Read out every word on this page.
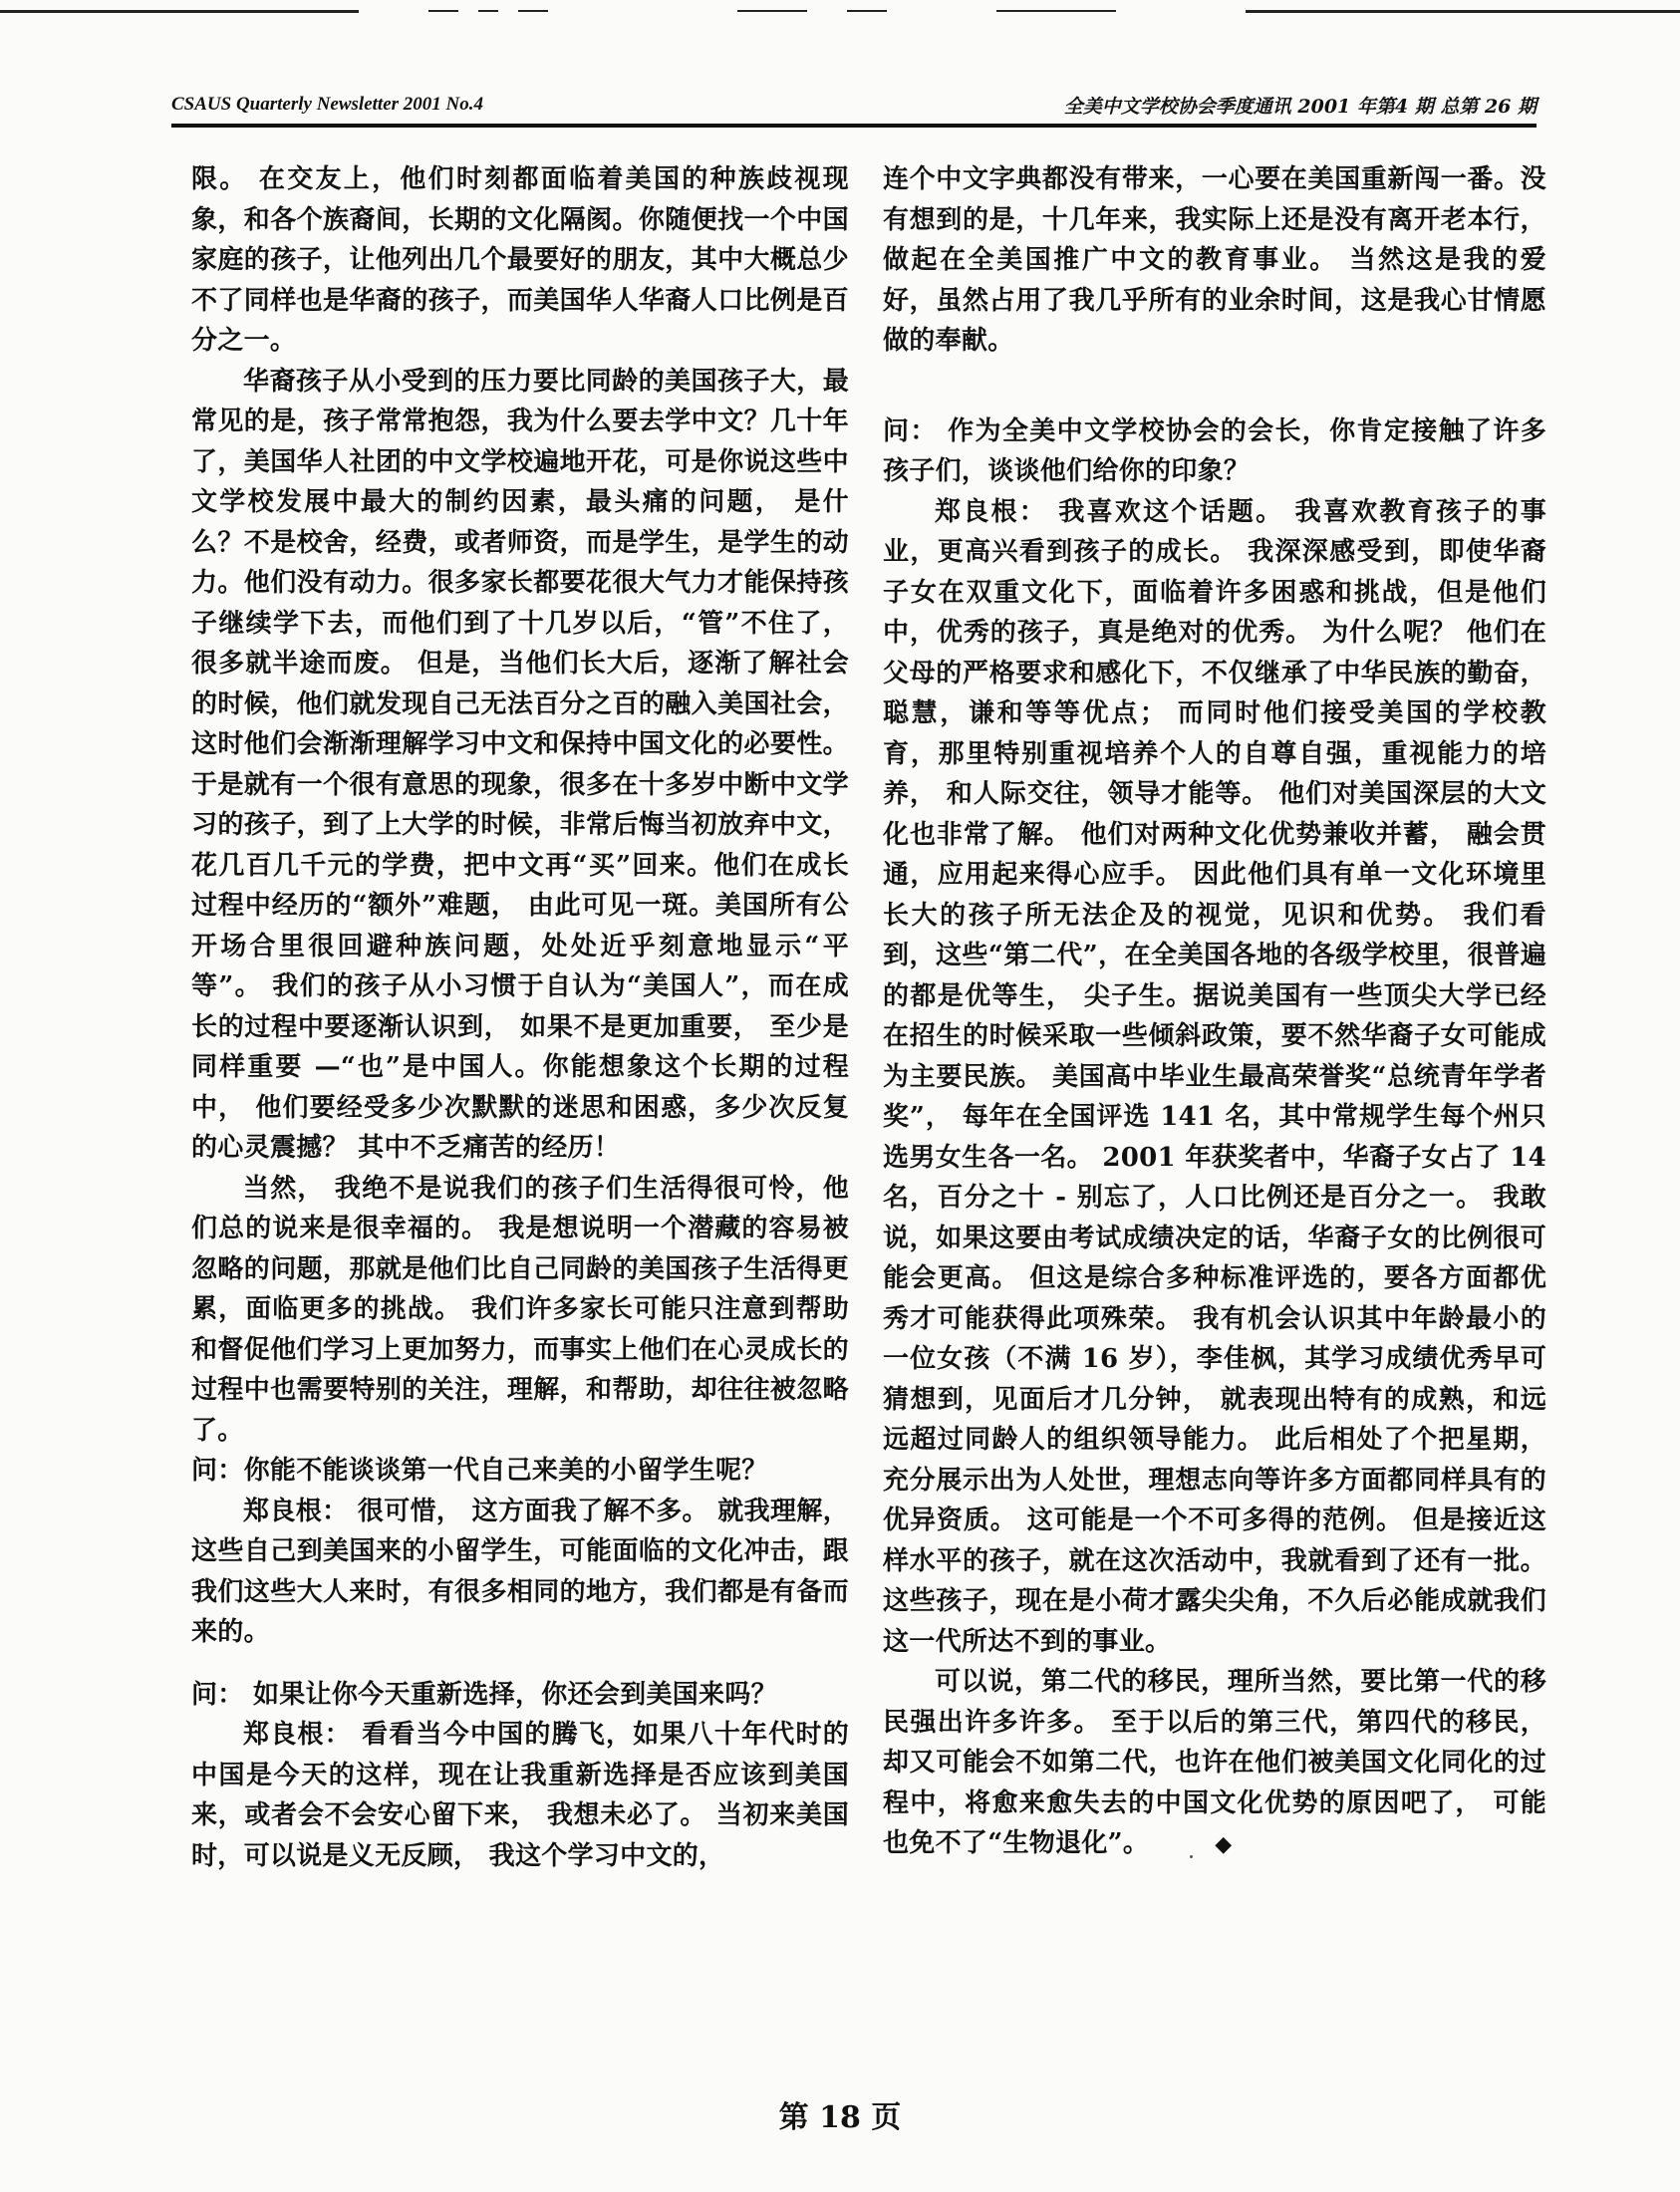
CSAUS Quarterly Newsletter 2001 No.4	全美中文学校协会季度通讯 2001 年第4 期 总第 26 期

限。 在交友上，他们时刻都面临着美国的种族歧视现象，和各个族裔间，长期的文化隔阂。你随便找一个中国家庭的孩子，让他列出几个最要好的朋友，其中大概总少不了同样也是华裔的孩子，而美国华人华裔人口比例是百分之一。

华裔孩子从小受到的压力要比同龄的美国孩子大，最常见的是，孩子常常抱怨，我为什么要去学中文？几十年了，美国华人社团的中文学校遍地开花，可是你说这些中文学校发展中最大的制约因素，最头痛的问题， 是什么？不是校舍，经费，或者师资，而是学生，是学生的动力。他们没有动力。很多家长都要花很大气力才能保持孩子继续学下去，而他们到了十几岁以后，“管”不住了，很多就半途而废。 但是，当他们长大后，逐渐了解社会的时候，他们就发现自己无法百分之百的融入美国社会，这时他们会渐渐理解学习中文和保持中国文化的必要性。 于是就有一个很有意思的现象，很多在十多岁中断中文学习的孩子，到了上大学的时候，非常后悔当初放弃中文，花几百几千元的学费，把中文再“买”回来。他们在成长过程中经历的“额外”难题， 由此可见一斑。美国所有公开场合里很回避种族问题，处处近乎刻意地显示“平等”。 我们的孩子从小习惯于自认为“美国人”，而在成长的过程中要逐渐认识到， 如果不是更加重要， 至少是同样重要 —“也”是中国人。你能想象这个长期的过程中， 他们要经受多少次默默的迷思和困惑，多少次反复的心灵震撼？ 其中不乏痛苦的经历！

当然， 我绝不是说我们的孩子们生活得很可怜，他们总的说来是很幸福的。 我是想说明一个潜藏的容易被忽略的问题，那就是他们比自己同龄的美国孩子生活得更累，面临更多的挑战。 我们许多家长可能只注意到帮助和督促他们学习上更加努力，而事实上他们在心灵成长的过程中也需要特别的关注，理解，和帮助，却往往被忽略了。

问：你能不能谈谈第一代自己来美的小留学生呢？

郑良根： 很可惜， 这方面我了解不多。 就我理解，这些自己到美国来的小留学生，可能面临的文化冲击，跟我们这些大人来时，有很多相同的地方，我们都是有备而来的。

问： 如果让你今天重新选择，你还会到美国来吗？

郑良根： 看看当今中国的腾飞，如果八十年代时的中国是今天的这样，现在让我重新选择是否应该到美国来，或者会不会安心留下来， 我想未必了。 当初来美国时，可以说是义无反顾， 我这个学习中文的，

连个中文字典都没有带来，一心要在美国重新闯一番。没有想到的是，十几年来，我实际上还是没有离开老本行，做起在全美国推广中文的教育事业。 当然这是我的爱好，虽然占用了我几乎所有的业余时间，这是我心甘情愿做的奉献。

问： 作为全美中文学校协会的会长，你肯定接触了许多孩子们，谈谈他们给你的印象？

郑良根： 我喜欢这个话题。 我喜欢教育孩子的事业，更高兴看到孩子的成长。 我深深感受到，即使华裔子女在双重文化下，面临着许多困惑和挑战，但是他们中，优秀的孩子，真是绝对的优秀。 为什么呢？ 他们在父母的严格要求和感化下，不仅继承了中华民族的勤奋，聪慧，谦和等等优点； 而同时他们接受美国的学校教育，那里特别重视培养个人的自尊自强，重视能力的培养， 和人际交往，领导才能等。 他们对美国深层的大文化也非常了解。 他们对两种文化优势兼收并蓄， 融会贯通，应用起来得心应手。 因此他们具有单一文化环境里长大的孩子所无法企及的视觉，见识和优势。 我们看到，这些“第二代”，在全美国各地的各级学校里，很普遍的都是优等生， 尖子生。据说美国有一些顶尖大学已经在招生的时候采取一些倾斜政策，要不然华裔子女可能成为主要民族。 美国高中毕业生最高荣誉奖“总统青年学者奖”， 每年在全国评选 141 名，其中常规学生每个州只选男女生各一名。 2001 年获奖者中，华裔子女占了 14 名，百分之十 - 别忘了，人口比例还是百分之一。 我敢说，如果这要由考试成绩决定的话，华裔子女的比例很可能会更高。 但这是综合多种标准评选的，要各方面都优秀才可能获得此项殊荣。 我有机会认识其中年龄最小的一位女孩（不满 16 岁），李佳枫，其学习成绩优秀早可猜想到，见面后才几分钟， 就表现出特有的成熟，和远远超过同龄人的组织领导能力。 此后相处了个把星期，充分展示出为人处世，理想志向等许多方面都同样具有的优异资质。 这可能是一个不可多得的范例。 但是接近这样水平的孩子，就在这次活动中，我就看到了还有一批。这些孩子，现在是小荷才露尖尖角，不久后必能成就我们这一代所达不到的事业。

可以说，第二代的移民，理所当然，要比第一代的移民强出许多许多。 至于以后的第三代，第四代的移民，却又可能会不如第二代，也许在他们被美国文化同化的过程中，将愈来愈失去的中国文化优势的原因吧了， 可能也免不了“生物退化”。	◆

第 18 页
